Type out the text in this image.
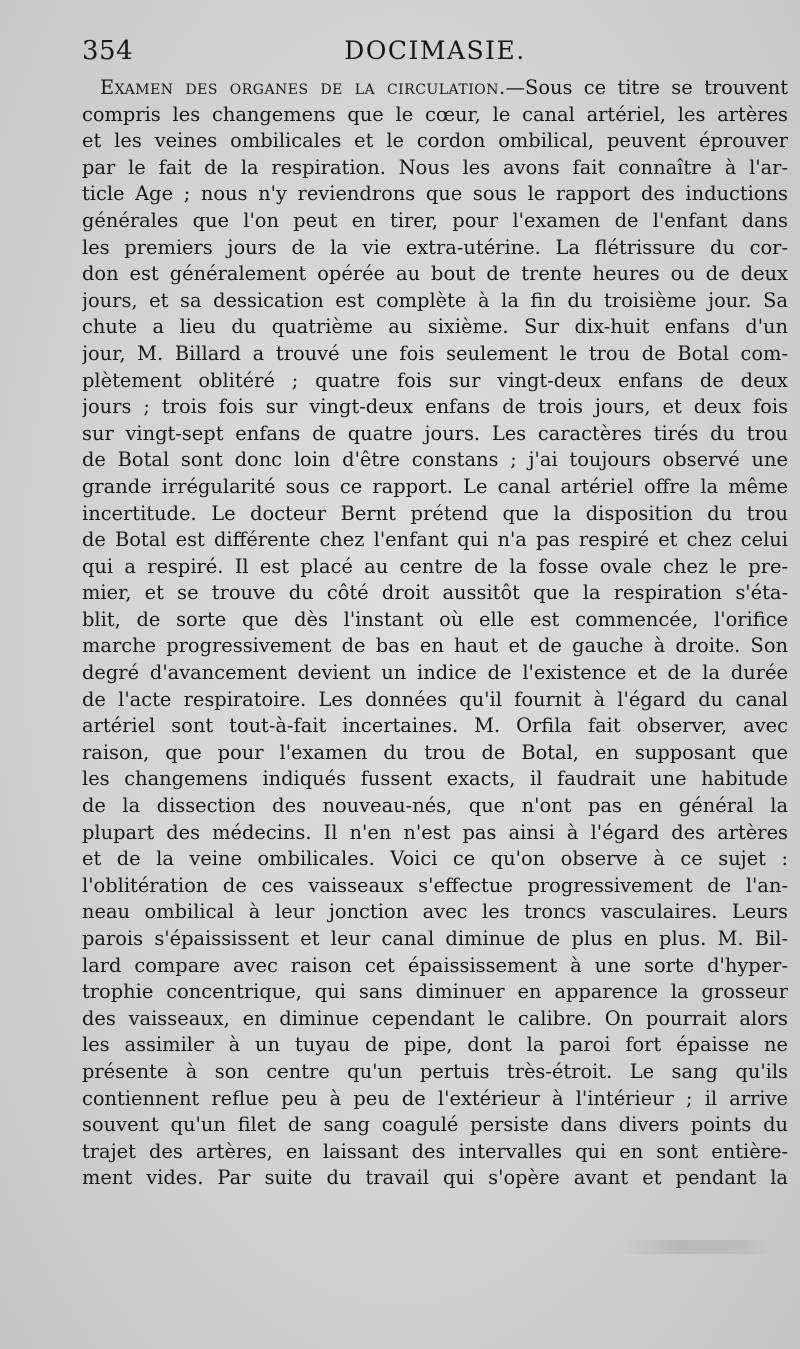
354	DOCIMASIE.
Examen des organes de la circulation.—Sous ce titre se trouvent
compris les changemens que le cœur, le canal artériel, les artères
et les veines ombilicales et le cordon ombilical, peuvent éprouver
par le fait de la respiration. Nous les avons fait connaître à l'ar-
ticle Age ; nous n'y reviendrons que sous le rapport des inductions
générales que l'on peut en tirer, pour l'examen de l'enfant dans
les premiers jours de la vie extra-utérine. La flétrissure du cor-
don est généralement opérée au bout de trente heures ou de deux
jours, et sa dessication est complète à la fin du troisième jour. Sa
chute a lieu du quatrième au sixième. Sur dix-huit enfans d'un
jour, M. Billard a trouvé une fois seulement le trou de Botal com-
plètement oblitéré ; quatre fois sur vingt-deux enfans de deux
jours ; trois fois sur vingt-deux enfans de trois jours, et deux fois
sur vingt-sept enfans de quatre jours. Les caractères tirés du trou
de Botal sont donc loin d'être constans ; j'ai toujours observé une
grande irrégularité sous ce rapport. Le canal artériel offre la même
incertitude. Le docteur Bernt prétend que la disposition du trou
de Botal est différente chez l'enfant qui n'a pas respiré et chez celui
qui a respiré. Il est placé au centre de la fosse ovale chez le pre-
mier, et se trouve du côté droit aussitôt que la respiration s'éta-
blit, de sorte que dès l'instant où elle est commencée, l'orifice
marche progressivement de bas en haut et de gauche à droite. Son
degré d'avancement devient un indice de l'existence et de la durée
de l'acte respiratoire. Les données qu'il fournit à l'égard du canal
artériel sont tout-à-fait incertaines. M. Orfila fait observer, avec
raison, que pour l'examen du trou de Botal, en supposant que
les changemens indiqués fussent exacts, il faudrait une habitude
de la dissection des nouveau-nés, que n'ont pas en général la
plupart des médecins. Il n'en n'est pas ainsi à l'égard des artères
et de la veine ombilicales. Voici ce qu'on observe à ce sujet :
l'oblitération de ces vaisseaux s'effectue progressivement de l'an-
neau ombilical à leur jonction avec les troncs vasculaires. Leurs
parois s'épaississent et leur canal diminue de plus en plus. M. Bil-
lard compare avec raison cet épaississement à une sorte d'hyper-
trophie concentrique, qui sans diminuer en apparence la grosseur
des vaisseaux, en diminue cependant le calibre. On pourrait alors
les assimiler à un tuyau de pipe, dont la paroi fort épaisse ne
présente à son centre qu'un pertuis très-étroit. Le sang qu'ils
contiennent reflue peu à peu de l'extérieur à l'intérieur ; il arrive
souvent qu'un filet de sang coagulé persiste dans divers points du
trajet des artères, en laissant des intervalles qui en sont entière-
ment vides. Par suite du travail qui s'opère avant et pendant la
